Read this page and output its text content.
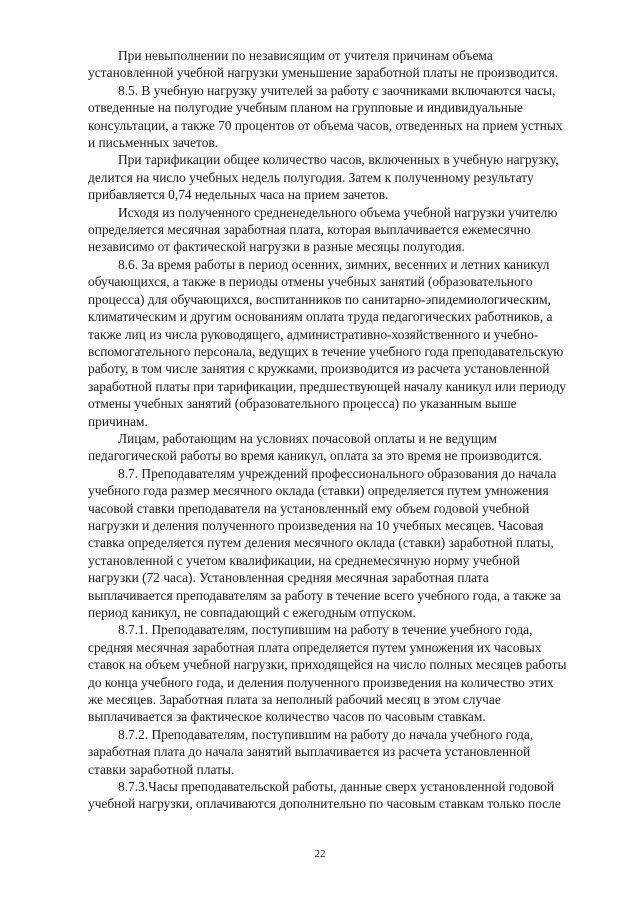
При невыполнении по независящим от учителя причинам объема
установленной учебной нагрузки уменьшение заработной платы не производится.

8.5. В учебную нагрузку учителей за работу с заочниками включаются часы,
отведенные на полугодие учебным планом на групповые и индивидуальные
консультации, а также 70 процентов от объема часов, отведенных на прием устных
и письменных зачетов.

При тарификации общее количество часов, включенных в учебную нагрузку,
делится на число учебных недель полугодия. Затем к полученному результату
прибавляется 0,74 недельных часа на прием зачетов.

Исходя из полученного средненедельного объема учебной нагрузки учителю
определяется месячная заработная плата, которая выплачивается ежемесячно
независимо от фактической нагрузки в разные месяцы полугодия.

8.6. За время работы в период осенних, зимних, весенних и летних каникул
обучающихся, а также в периоды отмены учебных занятий (образовательного
процесса) для обучающихся, воспитанников по санитарно-эпидемиологическим,
климатическим и другим основаниям оплата труда педагогических работников, а
также лиц из числа руководящего, административно-хозяйственного и учебно-
вспомогательного персонала, ведущих в течение учебного года преподавательскую
работу, в том числе занятия с кружками, производится из расчета установленной
заработной платы при тарификации, предшествующей началу каникул или периоду
отмены учебных занятий (образовательного процесса) по указанным выше
причинам.

Лицам, работающим на условиях почасовой оплаты и не ведущим
педагогической работы во время каникул, оплата за это время не производится.

8.7. Преподавателям учреждений профессионального образования до начала
учебного года размер месячного оклада (ставки) определяется путем умножения
часовой ставки преподавателя на установленный ему объем годовой учебной
нагрузки и деления полученного произведения на 10 учебных месяцев. Часовая
ставка определяется путем деления месячного оклада (ставки) заработной платы,
установленной с учетом квалификации, на среднемесячную норму учебной
нагрузки (72 часа). Установленная средняя месячная заработная плата
выплачивается преподавателям за работу в течение всего учебного года, а также за
период каникул, не совпадающий с ежегодным отпуском.

8.7.1. Преподавателям, поступившим на работу в течение учебного года,
средняя месячная заработная плата определяется путем умножения их часовых
ставок на объем учебной нагрузки, приходящейся на число полных месяцев работы
до конца учебного года, и деления полученного произведения на количество этих
же месяцев. Заработная плата за неполный рабочий месяц в этом случае
выплачивается за фактическое количество часов по часовым ставкам.

8.7.2. Преподавателям, поступившим на работу до начала учебного года,
заработная плата до начала занятий выплачивается из расчета установленной
ставки заработной платы.

8.7.3.Часы преподавательской работы, данные сверх установленной годовой
учебной нагрузки, оплачиваются дополнительно по часовым ставкам только после

22
